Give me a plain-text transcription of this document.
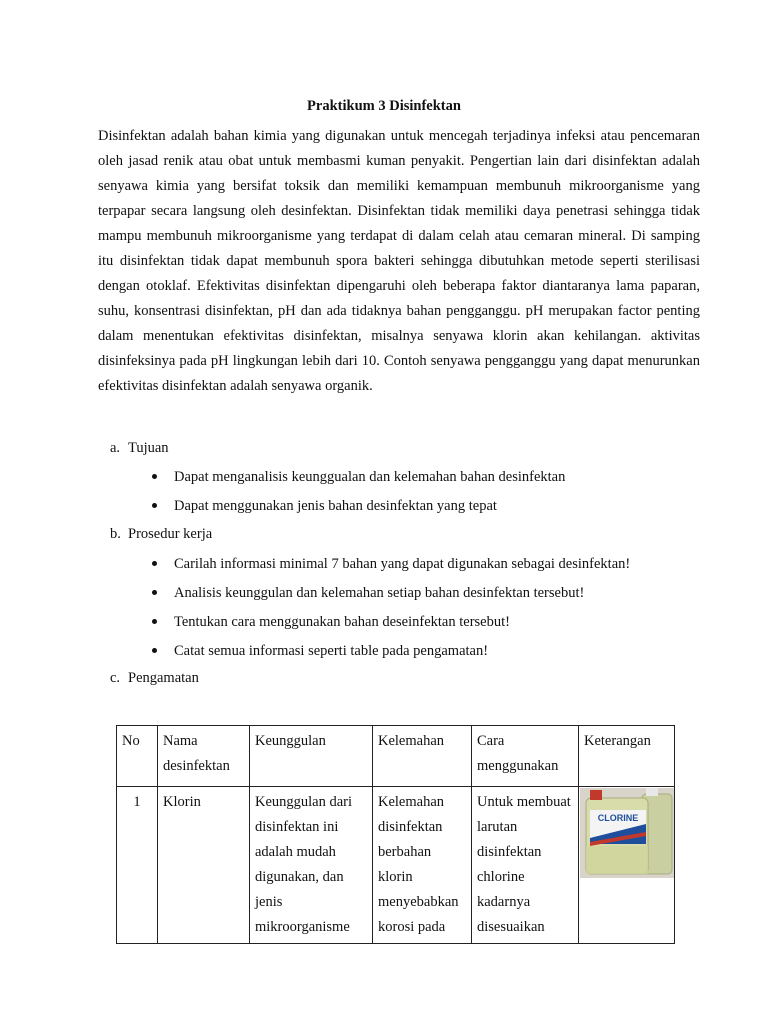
Praktikum 3 Disinfektan

Disinfektan adalah bahan kimia yang digunakan untuk mencegah terjadinya infeksi atau pencemaran oleh jasad renik atau obat untuk membasmi kuman penyakit. Pengertian lain dari disinfektan adalah senyawa kimia yang bersifat toksik dan memiliki kemampuan membunuh mikroorganisme yang terpapar secara langsung oleh desinfektan. Disinfektan tidak memiliki daya penetrasi sehingga tidak mampu membunuh mikroorganisme yang terdapat di dalam celah atau cemaran mineral. Di samping itu disinfektan tidak dapat membunuh spora bakteri sehingga dibutuhkan metode seperti sterilisasi dengan otoklaf. Efektivitas disinfektan dipengaruhi oleh beberapa faktor diantaranya lama paparan, suhu, konsentrasi disinfektan, pH dan ada tidaknya bahan pengganggu. pH merupakan factor penting dalam menentukan efektivitas disinfektan, misalnya senyawa klorin akan kehilangan. aktivitas disinfeksinya pada pH lingkungan lebih dari 10. Contoh senyawa pengganggu yang dapat menurunkan efektivitas disinfektan adalah senyawa organik.

a. Tujuan
Dapat menganalisis keunggualan dan kelemahan bahan desinfektan
Dapat menggunakan jenis bahan desinfektan yang tepat
b. Prosedur kerja
Carilah informasi minimal 7 bahan yang dapat digunakan sebagai desinfektan!
Analisis keunggulan dan kelemahan setiap bahan desinfektan tersebut!
Tentukan cara menggunakan bahan deseinfektan tersebut!
Catat semua informasi seperti table pada pengamatan!
c. Pengamatan
No	Nama desinfektan	Keunggulan	Kelemahan	Cara menggunakan	Keterangan
1	Klorin	Keunggulan dari disinfektan ini adalah mudah digunakan, dan jenis mikroorganisme	Kelemahan disinfektan berbahan klorin menyebabkan korosi pada	Untuk membuat larutan disinfektan chlorine kadarnya disesuaikan	CLORINE
